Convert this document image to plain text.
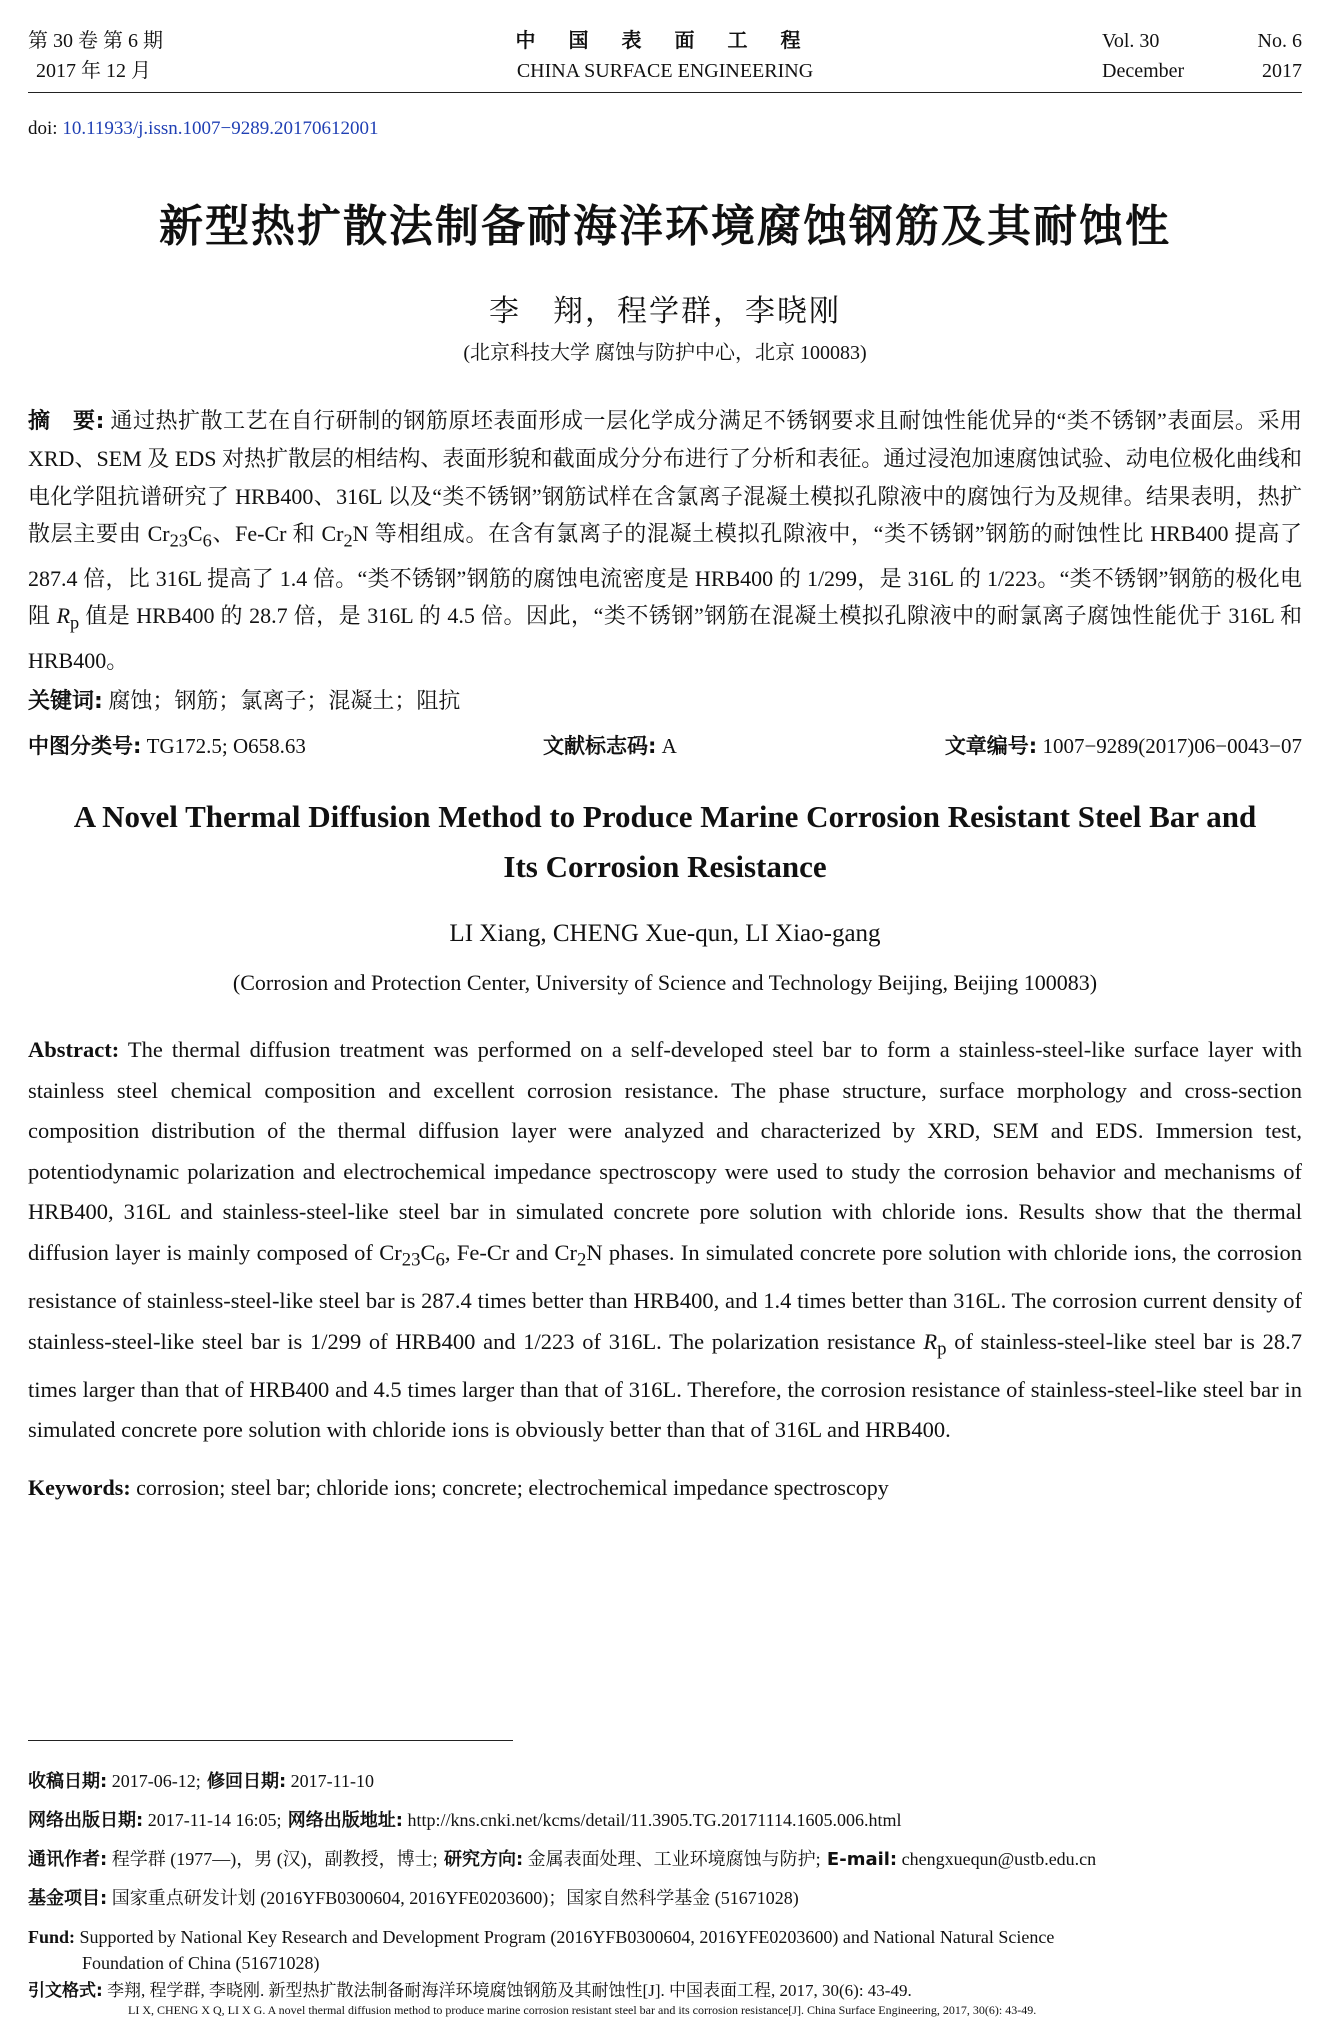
第 30 卷 第 6 期
2017 年 12 月
中 国 表 面 工 程
CHINA SURFACE ENGINEERING
Vol. 30	No. 6
December	2017
doi: 10.11933/j.issn.1007−9289.20170612001
新型热扩散法制备耐海洋环境腐蚀钢筋及其耐蚀性
李　翔，程学群，李晓刚
(北京科技大学 腐蚀与防护中心，北京 100083)
摘　要: 通过热扩散工艺在自行研制的钢筋原坯表面形成一层化学成分满足不锈钢要求且耐蚀性能优异的“类不锈钢”表面层。采用 XRD、SEM 及 EDS 对热扩散层的相结构、表面形貌和截面成分分布进行了分析和表征。通过浸泡加速腐蚀试验、动电位极化曲线和电化学阻抗谱研究了 HRB400、316L 以及“类不锈钢”钢筋试样在含氯离子混凝土模拟孔隙液中的腐蚀行为及规律。结果表明，热扩散层主要由 $Cr_{23}C_6$、Fe-Cr 和 $Cr_2N$ 等相组成。在含有氯离子的混凝土模拟孔隙液中，“类不锈钢”钢筋的耐蚀性比 HRB400 提高了 287.4 倍，比 316L 提高了 1.4 倍。“类不锈钢”钢筋的腐蚀电流密度是 HRB400 的 1/299，是 316L 的 1/223。“类不锈钢”钢筋的极化电阻 $R_p$ 值是 HRB400 的 28.7 倍，是 316L 的 4.5 倍。因此，“类不锈钢”钢筋在混凝土模拟孔隙液中的耐氯离子腐蚀性能优于 316L 和 HRB400。
关键词: 腐蚀；钢筋；氯离子；混凝土；阻抗
中图分类号: TG172.5; O658.63	文献标志码: A	文章编号: 1007−9289(2017)06−0043−07
A Novel Thermal Diffusion Method to Produce Marine Corrosion Resistant Steel Bar and Its Corrosion Resistance
LI Xiang, CHENG Xue-qun, LI Xiao-gang
(Corrosion and Protection Center, University of Science and Technology Beijing, Beijing 100083)
Abstract: The thermal diffusion treatment was performed on a self-developed steel bar to form a stainless-steel-like surface layer with stainless steel chemical composition and excellent corrosion resistance. The phase structure, surface morphology and cross-section composition distribution of the thermal diffusion layer were analyzed and characterized by XRD, SEM and EDS. Immersion test, potentiodynamic polarization and electrochemical impedance spectroscopy were used to study the corrosion behavior and mechanisms of HRB400, 316L and stainless-steel-like steel bar in simulated concrete pore solution with chloride ions. Results show that the thermal diffusion layer is mainly composed of $Cr_{23}C_6$, Fe-Cr and $Cr_2N$ phases. In simulated concrete pore solution with chloride ions, the corrosion resistance of stainless-steel-like steel bar is 287.4 times better than HRB400, and 1.4 times better than 316L. The corrosion current density of stainless-steel-like steel bar is 1/299 of HRB400 and 1/223 of 316L. The polarization resistance $R_p$ of stainless-steel-like steel bar is 28.7 times larger than that of HRB400 and 4.5 times larger than that of 316L. Therefore, the corrosion resistance of stainless-steel-like steel bar in simulated concrete pore solution with chloride ions is obviously better than that of 316L and HRB400.
Keywords: corrosion; steel bar; chloride ions; concrete; electrochemical impedance spectroscopy
收稿日期: 2017-06-12; 修回日期: 2017-11-10
网络出版日期: 2017-11-14 16:05; 网络出版地址: http://kns.cnki.net/kcms/detail/11.3905.TG.20171114.1605.006.html
通讯作者: 程学群 (1977—)，男 (汉)，副教授，博士; 研究方向: 金属表面处理、工业环境腐蚀与防护; E-mail: chengxuequn@ustb.edu.cn
基金项目: 国家重点研发计划 (2016YFB0300604, 2016YFE0203600)；国家自然科学基金 (51671028)
Fund: Supported by National Key Research and Development Program (2016YFB0300604, 2016YFE0203600) and National Natural Science
Foundation of China (51671028)
引文格式: 李翔, 程学群, 李晓刚. 新型热扩散法制备耐海洋环境腐蚀钢筋及其耐蚀性[J]. 中国表面工程, 2017, 30(6): 43-49.
LI X, CHENG X Q, LI X G. A novel thermal diffusion method to produce marine corrosion resistant steel bar and its corrosion resistance[J]. China Surface Engineering, 2017, 30(6): 43-49.
